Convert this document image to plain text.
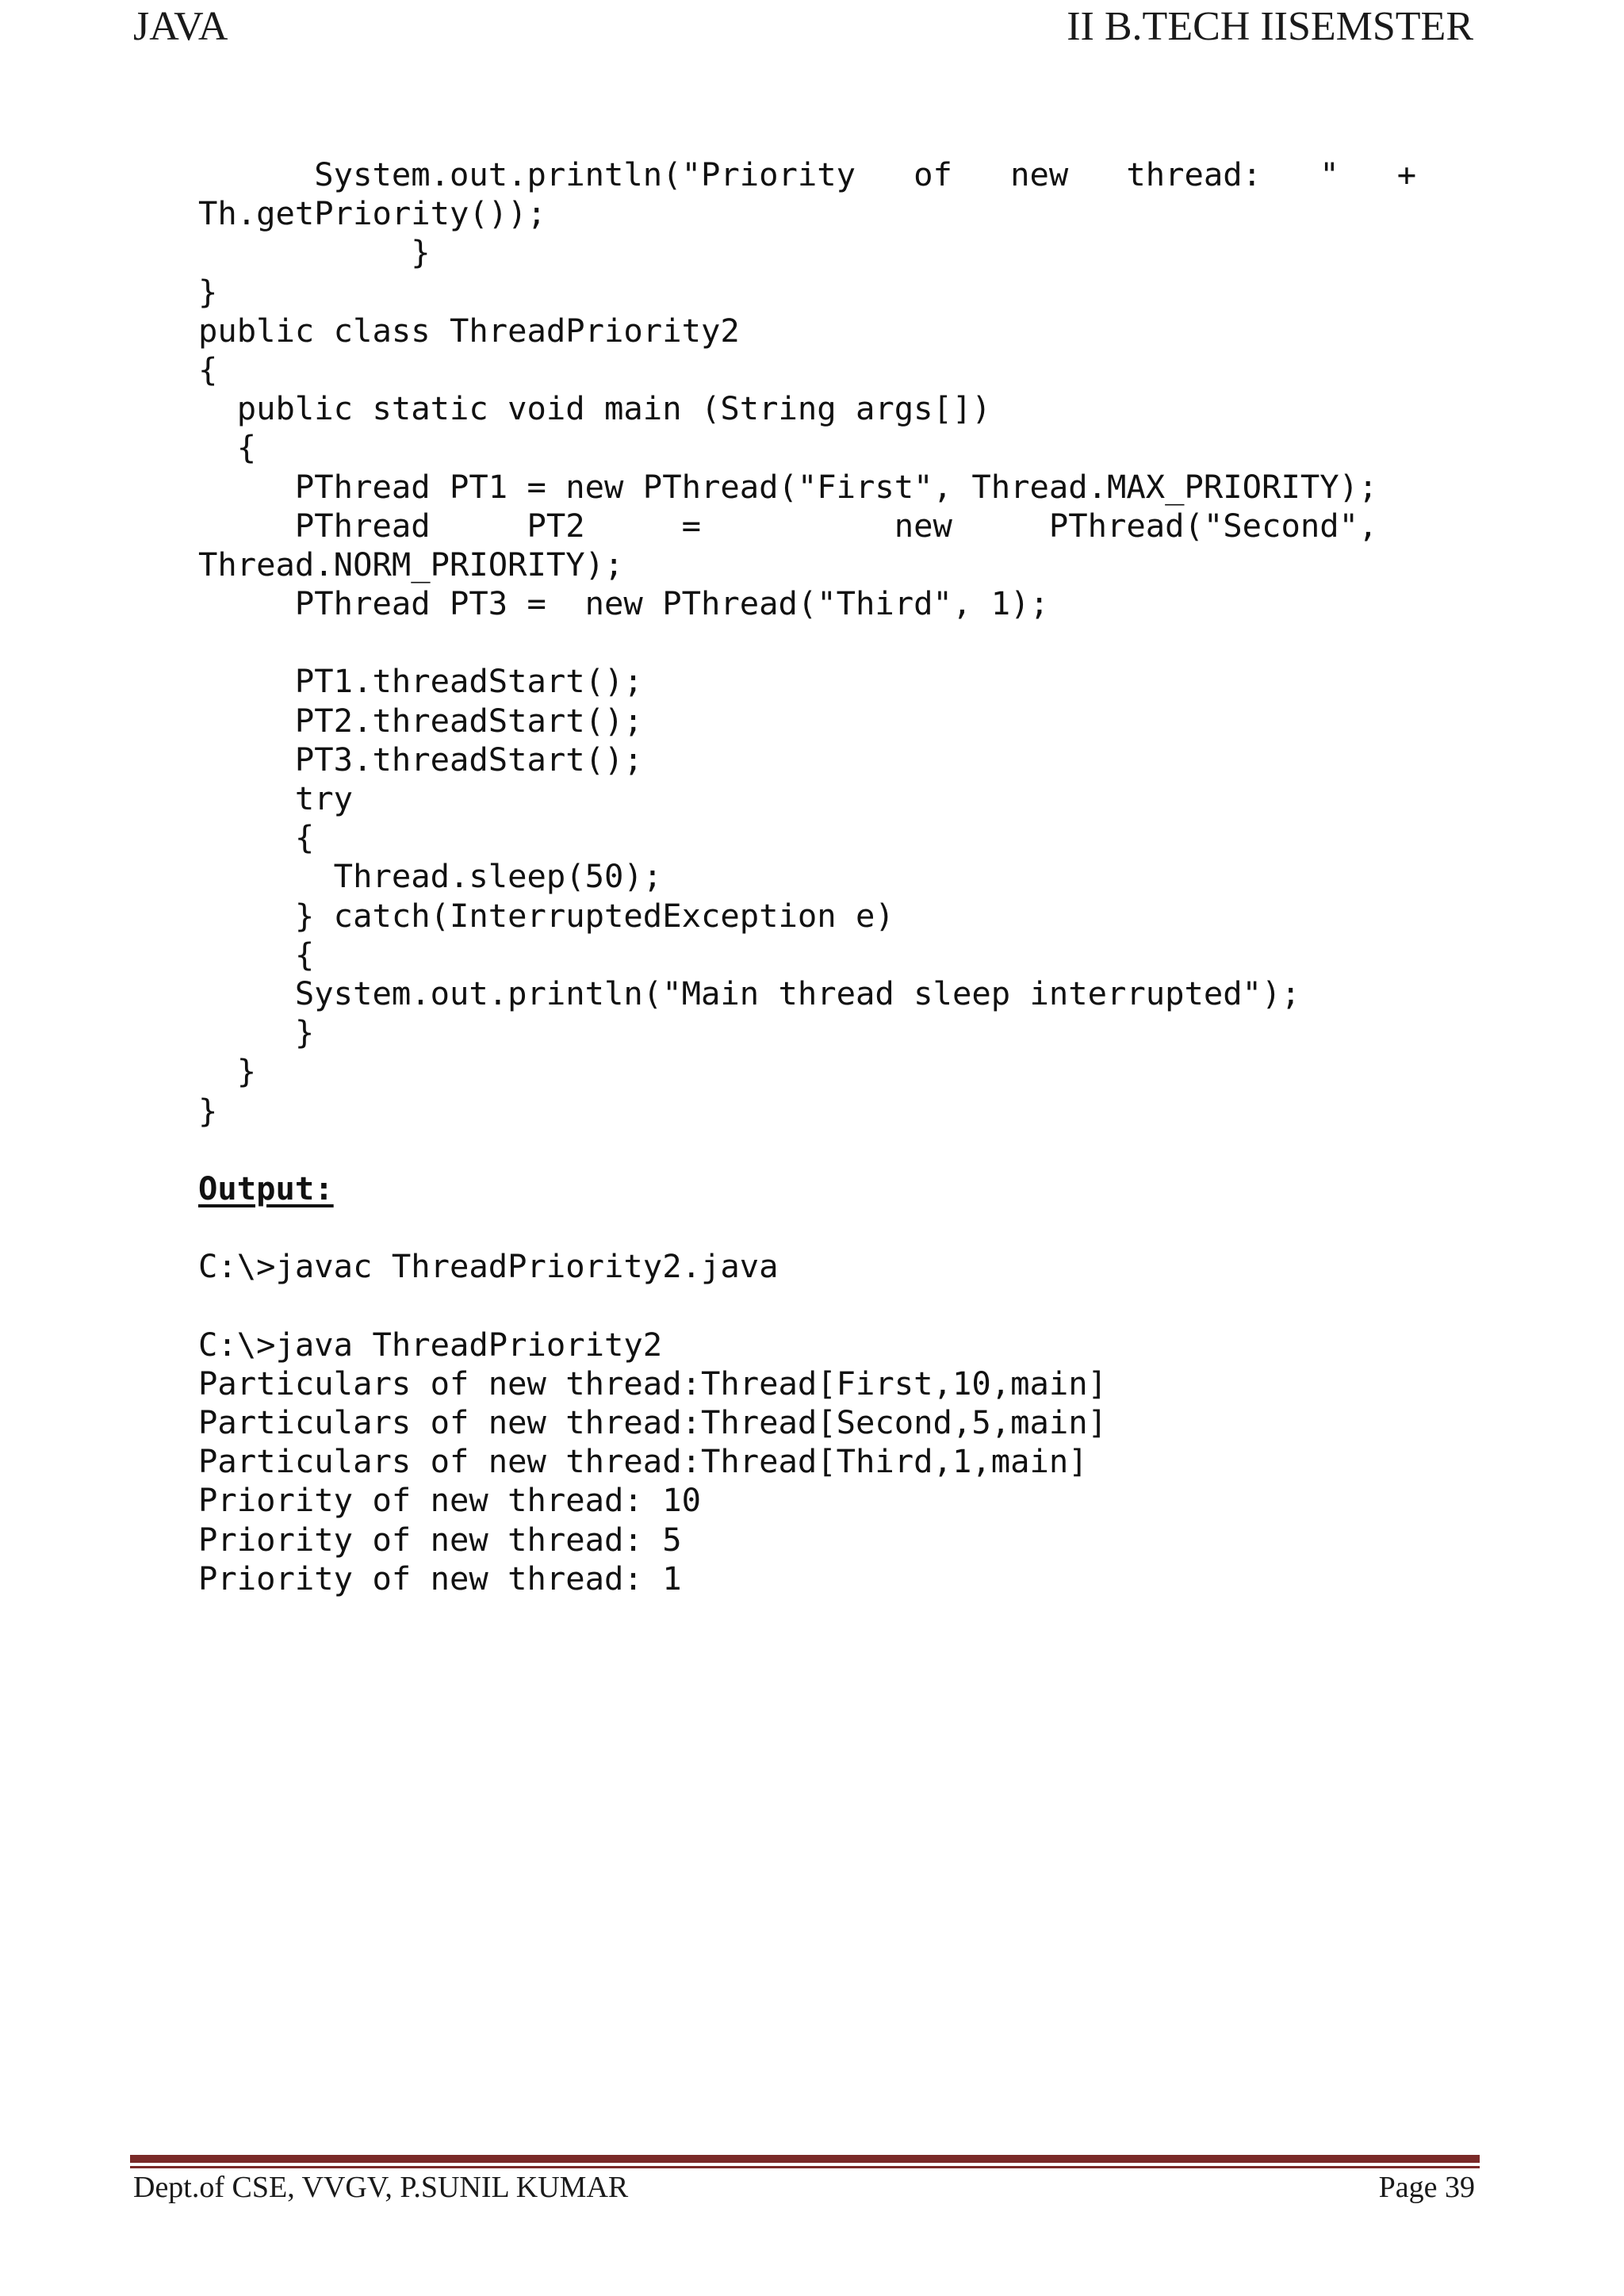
JAVA	II B.TECH IISEMSTER
System.out.println("Priority   of   new   thread:   "   +
Th.getPriority());
}
}
public class ThreadPriority2
{
public static void main (String args[])
{
PThread PT1 = new PThread("First", Thread.MAX_PRIORITY);
PThread     PT2     =          new     PThread("Second",
Thread.NORM_PRIORITY);
PThread PT3 =  new PThread("Third", 1);
PT1.threadStart();
PT2.threadStart();
PT3.threadStart();
try
{
Thread.sleep(50);
} catch(InterruptedException e)
{
System.out.println("Main thread sleep interrupted");
}
}
}
Output:
C:\>javac ThreadPriority2.java
C:\>java ThreadPriority2
Particulars of new thread:Thread[First,10,main]
Particulars of new thread:Thread[Second,5,main]
Particulars of new thread:Thread[Third,1,main]
Priority of new thread: 10
Priority of new thread: 5
Priority of new thread: 1
Dept.of CSE, VVGV, P.SUNIL KUMAR	Page 39
